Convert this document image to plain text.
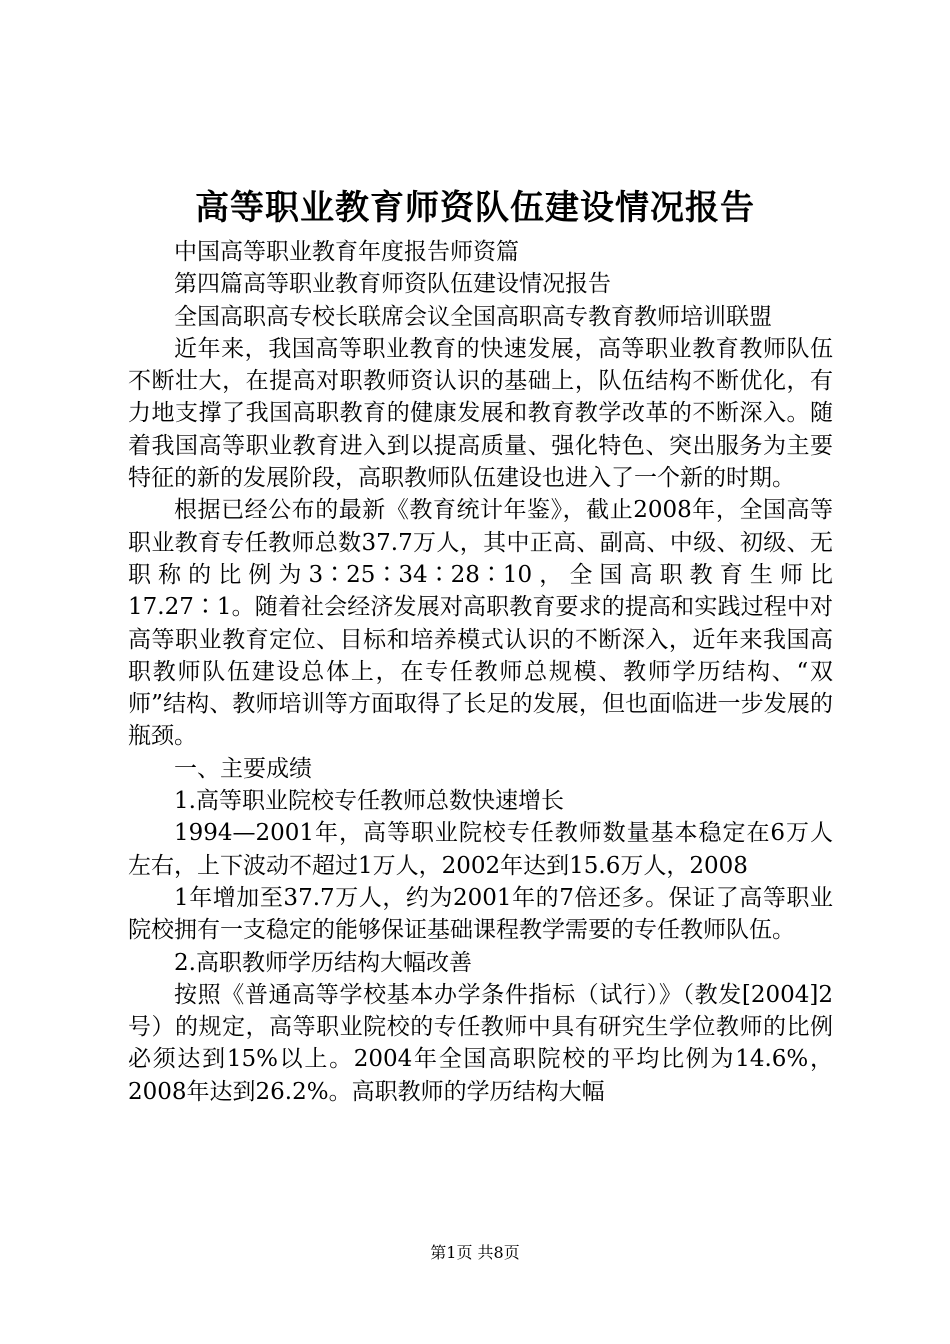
高等职业教育师资队伍建设情况报告

中国高等职业教育年度报告师资篇

第四篇高等职业教育师资队伍建设情况报告

全国高职高专校长联席会议全国高职高专教育教师培训联盟

近年来，我国高等职业教育的快速发展，高等职业教育教师队伍不断壮大，在提高对职教师资认识的基础上，队伍结构不断优化，有力地支撑了我国高职教育的健康发展和教育教学改革的不断深入。随着我国高等职业教育进入到以提高质量、强化特色、突出服务为主要特征的新的发展阶段，高职教师队伍建设也进入了一个新的时期。

根据已经公布的最新《教育统计年鉴》，截止2008年，全国高等职业教育专任教师总数37.7万人，其中正高、副高、中级、初级、无职称的比例为3∶25∶34∶28∶10，全国高职教育生师比17.27∶1。随着社会经济发展对高职教育要求的提高和实践过程中对高等职业教育定位、目标和培养模式认识的不断深入，近年来我国高职教师队伍建设总体上，在专任教师总规模、教师学历结构、“双师”结构、教师培训等方面取得了长足的发展，但也面临进一步发展的瓶颈。

一、主要成绩

1.高等职业院校专任教师总数快速增长

1994—2001年，高等职业院校专任教师数量基本稳定在6万人左右，上下波动不超过1万人，2002年达到15.6万人，2008

1年增加至37.7万人，约为2001年的7倍还多。保证了高等职业院校拥有一支稳定的能够保证基础课程教学需要的专任教师队伍。

2.高职教师学历结构大幅改善

按照《普通高等学校基本办学条件指标（试行）》（教发[2004]2号）的规定，高等职业院校的专任教师中具有研究生学位教师的比例必须达到15%以上。2004年全国高职院校的平均比例为14.6%，2008年达到26.2%。高职教师的学历结构大幅

第1页 共8页
